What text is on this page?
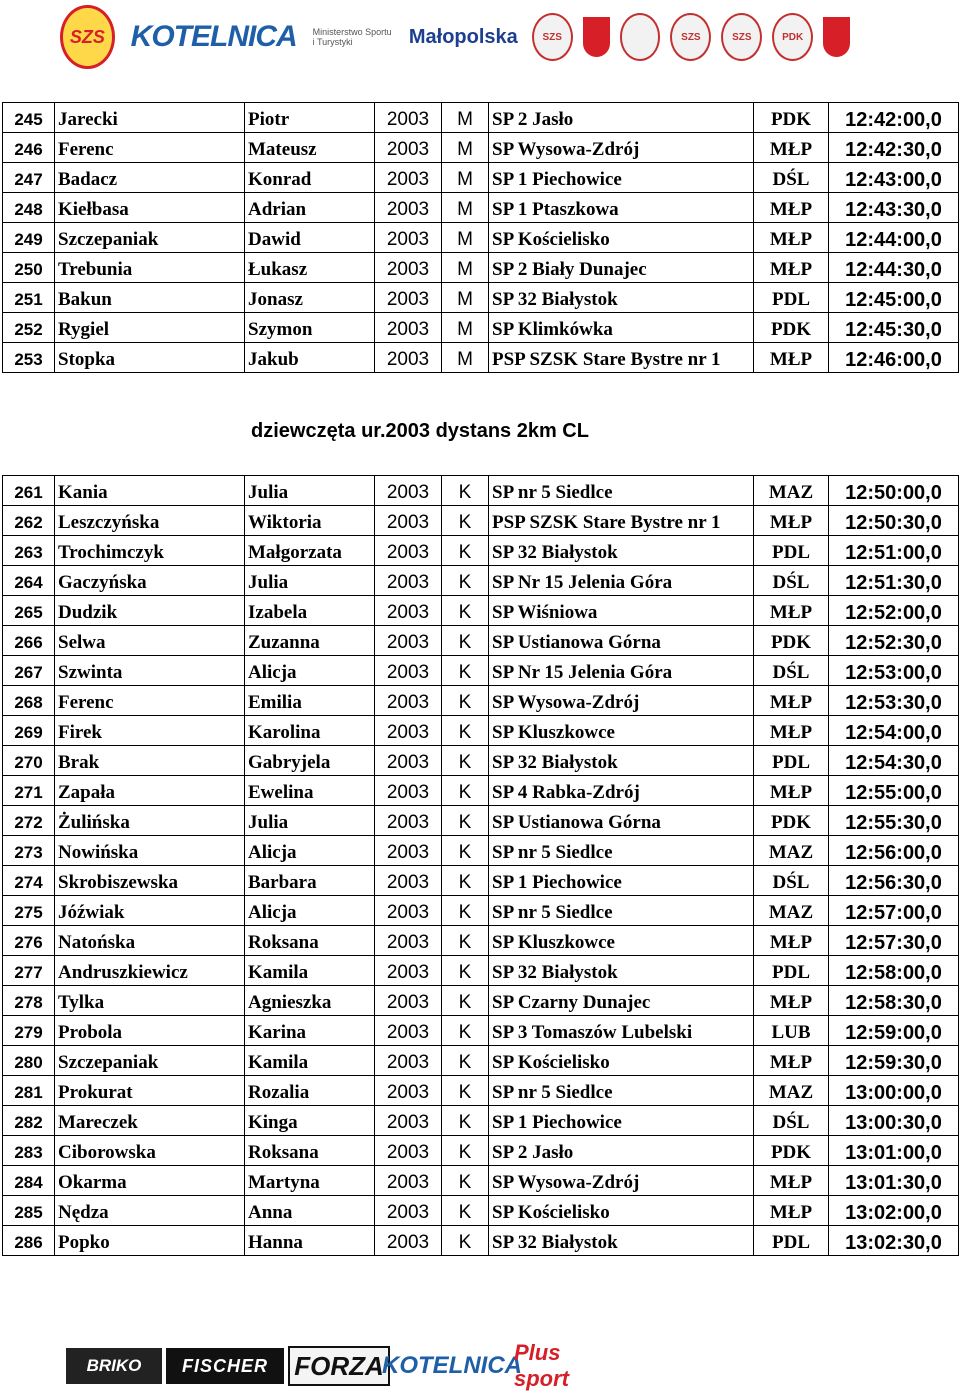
SZS KOTELNICA Ministerstwo Sportu i Turystyki	Małopolska SZS	SZS	SZS	PDK
245	Jarecki	Piotr	2003	M	SP 2 Jasło	PDK	12:42:00,0
246	Ferenc	Mateusz	2003	M	SP Wysowa-Zdrój	MŁP	12:42:30,0
247	Badacz	Konrad	2003	M	SP 1 Piechowice	DŚL	12:43:00,0
248	Kiełbasa	Adrian	2003	M	SP 1 Ptaszkowa	MŁP	12:43:30,0
249	Szczepaniak	Dawid	2003	M	SP Kościelisko	MŁP	12:44:00,0
250	Trebunia	Łukasz	2003	M	SP 2 Biały Dunajec	MŁP	12:44:30,0
251	Bakun	Jonasz	2003	M	SP 32 Białystok	PDL	12:45:00,0
252	Rygiel	Szymon	2003	M	SP Klimkówka	PDK	12:45:30,0
253	Stopka	Jakub	2003	M	PSP SZSK Stare Bystre nr 1	MŁP	12:46:00,0
dziewczęta ur.2003 dystans 2km CL
261	Kania	Julia	2003	K	SP nr 5 Siedlce	MAZ	12:50:00,0
262	Leszczyńska	Wiktoria	2003	K	PSP SZSK Stare Bystre nr 1	MŁP	12:50:30,0
263	Trochimczyk	Małgorzata	2003	K	SP 32 Białystok	PDL	12:51:00,0
264	Gaczyńska	Julia	2003	K	SP Nr 15 Jelenia Góra	DŚL	12:51:30,0
265	Dudzik	Izabela	2003	K	SP Wiśniowa	MŁP	12:52:00,0
266	Selwa	Zuzanna	2003	K	SP Ustianowa Górna	PDK	12:52:30,0
267	Szwinta	Alicja	2003	K	SP Nr 15 Jelenia Góra	DŚL	12:53:00,0
268	Ferenc	Emilia	2003	K	SP Wysowa-Zdrój	MŁP	12:53:30,0
269	Firek	Karolina	2003	K	SP Kluszkowce	MŁP	12:54:00,0
270	Brak	Gabryjela	2003	K	SP 32 Białystok	PDL	12:54:30,0
271	Zapała	Ewelina	2003	K	SP 4 Rabka-Zdrój	MŁP	12:55:00,0
272	Żulińska	Julia	2003	K	SP Ustianowa Górna	PDK	12:55:30,0
273	Nowińska	Alicja	2003	K	SP nr 5 Siedlce	MAZ	12:56:00,0
274	Skrobiszewska	Barbara	2003	K	SP 1 Piechowice	DŚL	12:56:30,0
275	Jóźwiak	Alicja	2003	K	SP nr 5 Siedlce	MAZ	12:57:00,0
276	Natońska	Roksana	2003	K	SP Kluszkowce	MŁP	12:57:30,0
277	Andruszkiewicz	Kamila	2003	K	SP 32 Białystok	PDL	12:58:00,0
278	Tylka	Agnieszka	2003	K	SP Czarny Dunajec	MŁP	12:58:30,0
279	Probola	Karina	2003	K	SP 3 Tomaszów Lubelski	LUB	12:59:00,0
280	Szczepaniak	Kamila	2003	K	SP Kościelisko	MŁP	12:59:30,0
281	Prokurat	Rozalia	2003	K	SP nr 5 Siedlce	MAZ	13:00:00,0
282	Mareczek	Kinga	2003	K	SP 1 Piechowice	DŚL	13:00:30,0
283	Ciborowska	Roksana	2003	K	SP 2 Jasło	PDK	13:01:00,0
284	Okarma	Martyna	2003	K	SP Wysowa-Zdrój	MŁP	13:01:30,0
285	Nędza	Anna	2003	K	SP Kościelisko	MŁP	13:02:00,0
286	Popko	Hanna	2003	K	SP 32 Białystok	PDL	13:02:30,0
BRIKO FISCHER FORZA
KOTELNICA
Plus sport
